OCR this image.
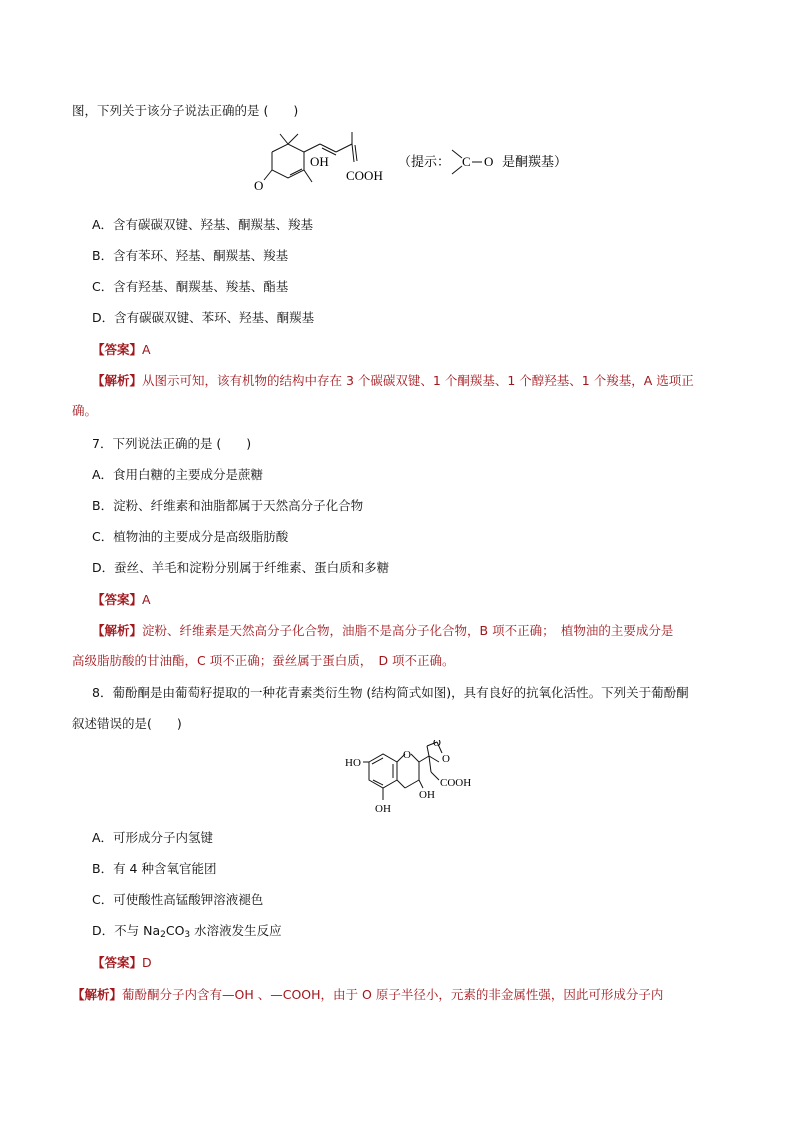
图，下列关于该分子说法正确的是 (　　)
OH
O
COOH
（提示： C O 是酮羰基）
A．含有碳碳双键、羟基、酮羰基、羧基
B．含有苯环、羟基、酮羰基、羧基
C．含有羟基、酮羰基、羧基、酯基
D．含有碳碳双键、苯环、羟基、酮羰基
【答案】A
【解析】从图示可知，该有机物的结构中存在 3 个碳碳双键、1 个酮羰基、1 个醇羟基、1 个羧基，A 选项正
确。
7．下列说法正确的是 (　　)
A．食用白糖的主要成分是蔗糖
B．淀粉、纤维素和油脂都属于天然高分子化合物
C．植物油的主要成分是高级脂肪酸
D．蚕丝、羊毛和淀粉分别属于纤维素、蛋白质和多糖
【答案】A
【解析】淀粉、纤维素是天然高分子化合物，油脂不是高分子化合物，B 项不正确；　植物油的主要成分是
高级脂肪酸的甘油酯，C 项不正确；蚕丝属于蛋白质，　D 项不正确。
8．葡酚酮是由葡萄籽提取的一种花青素类衍生物 (结构简式如图)，具有良好的抗氧化活性。下列关于葡酚酮
叙述错误的是(　　)
HO
OH
O	O
O
OH
COOH
A．可形成分子内氢键
B．有 4 种含氧官能团
C．可使酸性高锰酸钾溶液褪色
D．不与 $Na_2CO_3$ 水溶液发生反应
【答案】D
【解析】葡酚酮分子内含有—OH 、—COOH，由于 O 原子半径小，元素的非金属性强，因此可形成分子内
